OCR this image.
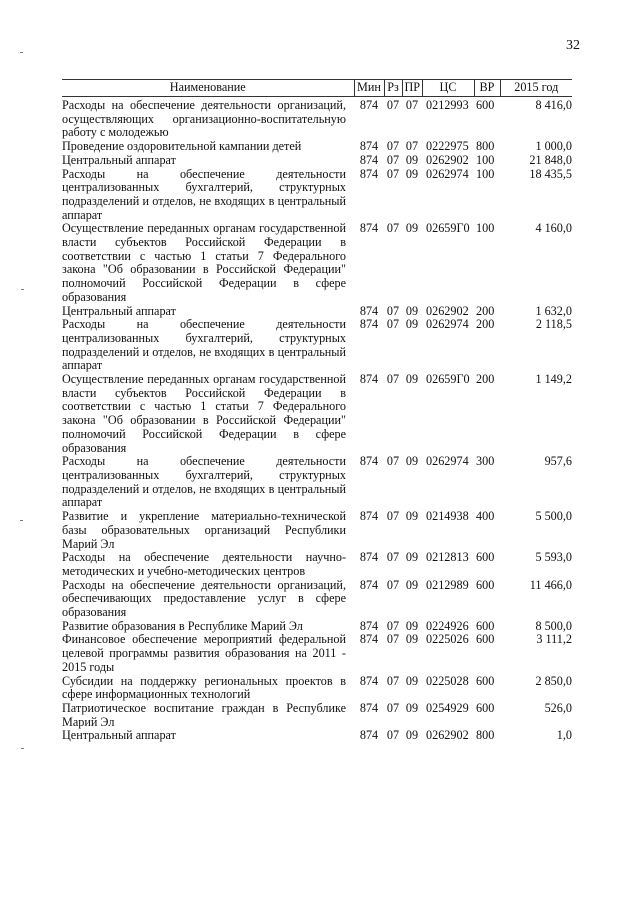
32
Наименование	Мин	Рз	ПР	ЦС	ВР	2015 год
Расходы на обеспечение деятельности организаций, осуществляющих организационно-воспитательную работу с молодежью	874	07	07	0212993	600	8 416,0
Проведение оздоровительной кампании детей	874	07	07	0222975	800	1 000,0
Центральный аппарат	874	07	09	0262902	100	21 848,0
Расходы на обеспечение деятельности централизованных бухгалтерий, структурных подразделений и отделов, не входящих в центральный аппарат	874	07	09	0262974	100	18 435,5
Осуществление переданных органам государственной власти субъектов Российской Федерации в соответствии с частью 1 статьи 7 Федерального закона "Об образовании в Российской Федерации" полномочий Российской Федерации в сфере образования	874	07	09	02659Г0	100	4 160,0
Центральный аппарат	874	07	09	0262902	200	1 632,0
Расходы на обеспечение деятельности централизованных бухгалтерий, структурных подразделений и отделов, не входящих в центральный аппарат	874	07	09	0262974	200	2 118,5
Осуществление переданных органам государственной власти субъектов Российской Федерации в соответствии с частью 1 статьи 7 Федерального закона "Об образовании в Российской Федерации" полномочий Российской Федерации в сфере образования	874	07	09	02659Г0	200	1 149,2
Расходы на обеспечение деятельности централизованных бухгалтерий, структурных подразделений и отделов, не входящих в центральный аппарат	874	07	09	0262974	300	957,6
Развитие и укрепление материально-технической базы образовательных организаций Республики Марий Эл	874	07	09	0214938	400	5 500,0
Расходы на обеспечение деятельности научно-методических и учебно-методических центров	874	07	09	0212813	600	5 593,0
Расходы на обеспечение деятельности организаций, обеспечивающих предоставление услуг в сфере образования	874	07	09	0212989	600	11 466,0
Развитие образования в Республике Марий Эл	874	07	09	0224926	600	8 500,0
Финансовое обеспечение мероприятий федеральной целевой программы развития образования на 2011 - 2015 годы	874	07	09	0225026	600	3 111,2
Субсидии на поддержку региональных проектов в сфере информационных технологий	874	07	09	0225028	600	2 850,0
Патриотическое воспитание граждан в Республике Марий Эл	874	07	09	0254929	600	526,0
Центральный аппарат	874	07	09	0262902	800	1,0
